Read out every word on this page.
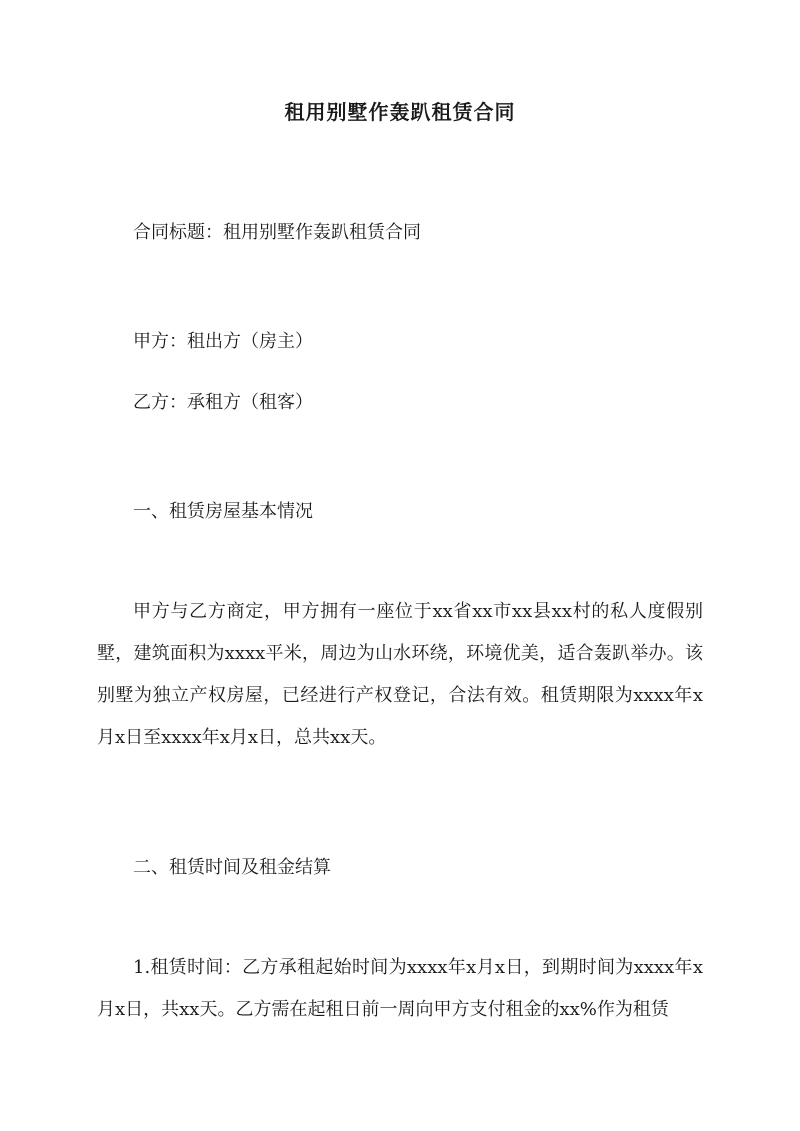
租用别墅作轰趴租赁合同
合同标题：租用别墅作轰趴租赁合同
甲方：租出方（房主）
乙方：承租方（租客）
一、租赁房屋基本情况

甲方与乙方商定，甲方拥有一座位于xx省xx市xx县xx村的私人度假别墅，建筑面积为xxxx平米，周边为山水环绕，环境优美，适合轰趴举办。该别墅为独立产权房屋，已经进行产权登记，合法有效。租赁期限为xxxx年x月x日至xxxx年x月x日，总共xx天。

二、租赁时间及租金结算

1.租赁时间：乙方承租起始时间为xxxx年x月x日，到期时间为xxxx年x月x日，共xx天。乙方需在起租日前一周向甲方支付租金的xx%作为租赁
